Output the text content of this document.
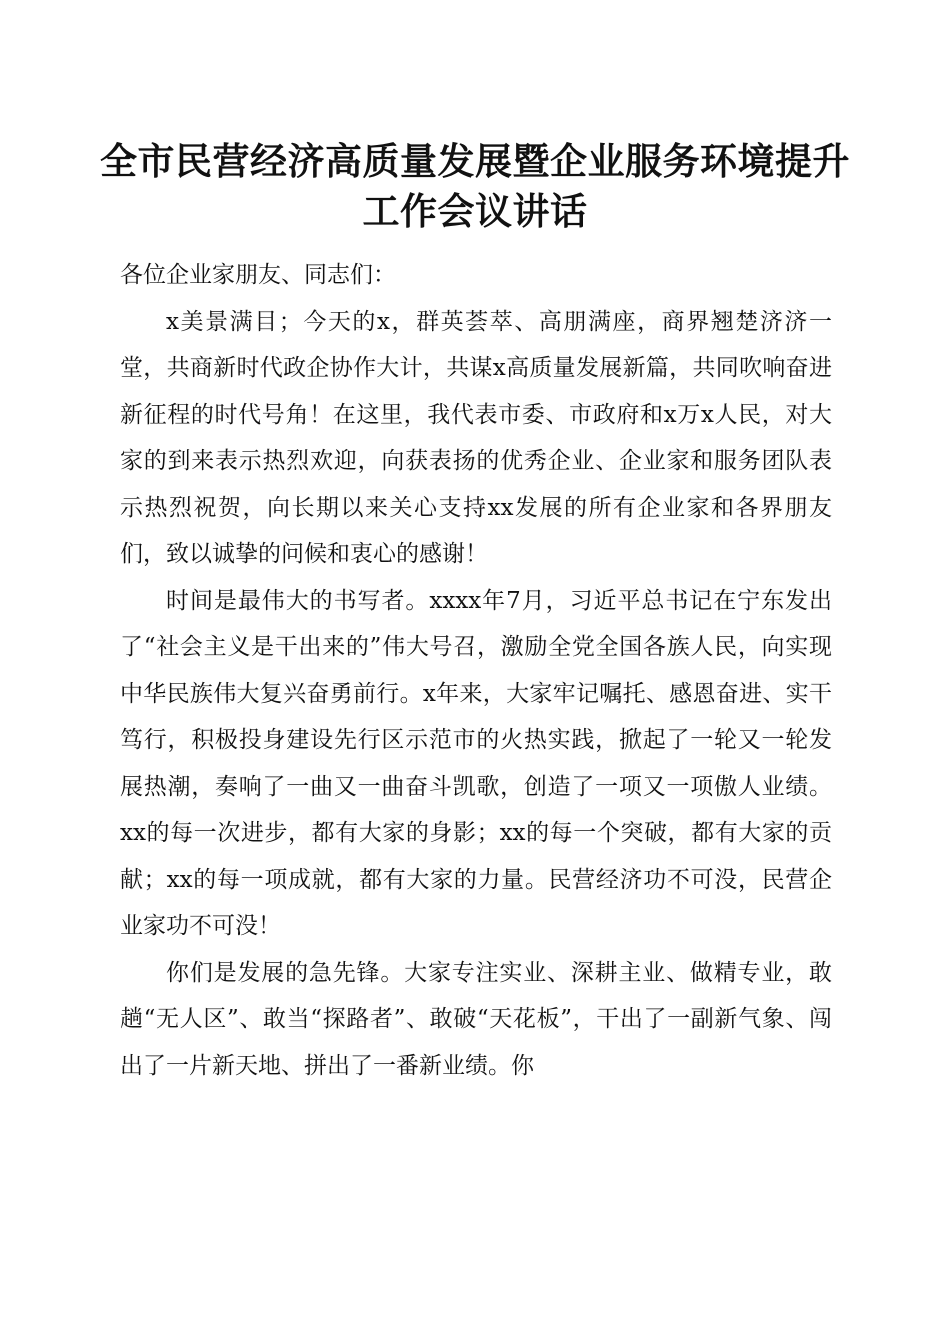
全市民营经济高质量发展暨企业服务环境提升
工作会议讲话

各位企业家朋友、同志们：

x美景满目；今天的x，群英荟萃、高朋满座，商界翘楚济济一堂，共商新时代政企协作大计，共谋x高质量发展新篇，共同吹响奋进新征程的时代号角！在这里，我代表市委、市政府和x万x人民，对大家的到来表示热烈欢迎，向获表扬的优秀企业、企业家和服务团队表示热烈祝贺，向长期以来关心支持xx发展的所有企业家和各界朋友们，致以诚挚的问候和衷心的感谢！

时间是最伟大的书写者。xxxx年7月，习近平总书记在宁东发出了“社会主义是干出来的”伟大号召，激励全党全国各族人民，向实现中华民族伟大复兴奋勇前行。x年来，大家牢记嘱托、感恩奋进、实干笃行，积极投身建设先行区示范市的火热实践，掀起了一轮又一轮发展热潮，奏响了一曲又一曲奋斗凯歌，创造了一项又一项傲人业绩。xx的每一次进步，都有大家的身影；xx的每一个突破，都有大家的贡献；xx的每一项成就，都有大家的力量。民营经济功不可没，民营企业家功不可没！

你们是发展的急先锋。大家专注实业、深耕主业、做精专业，敢趟“无人区”、敢当“探路者”、敢破“天花板”，干出了一副新气象、闯出了一片新天地、拼出了一番新业绩。你
